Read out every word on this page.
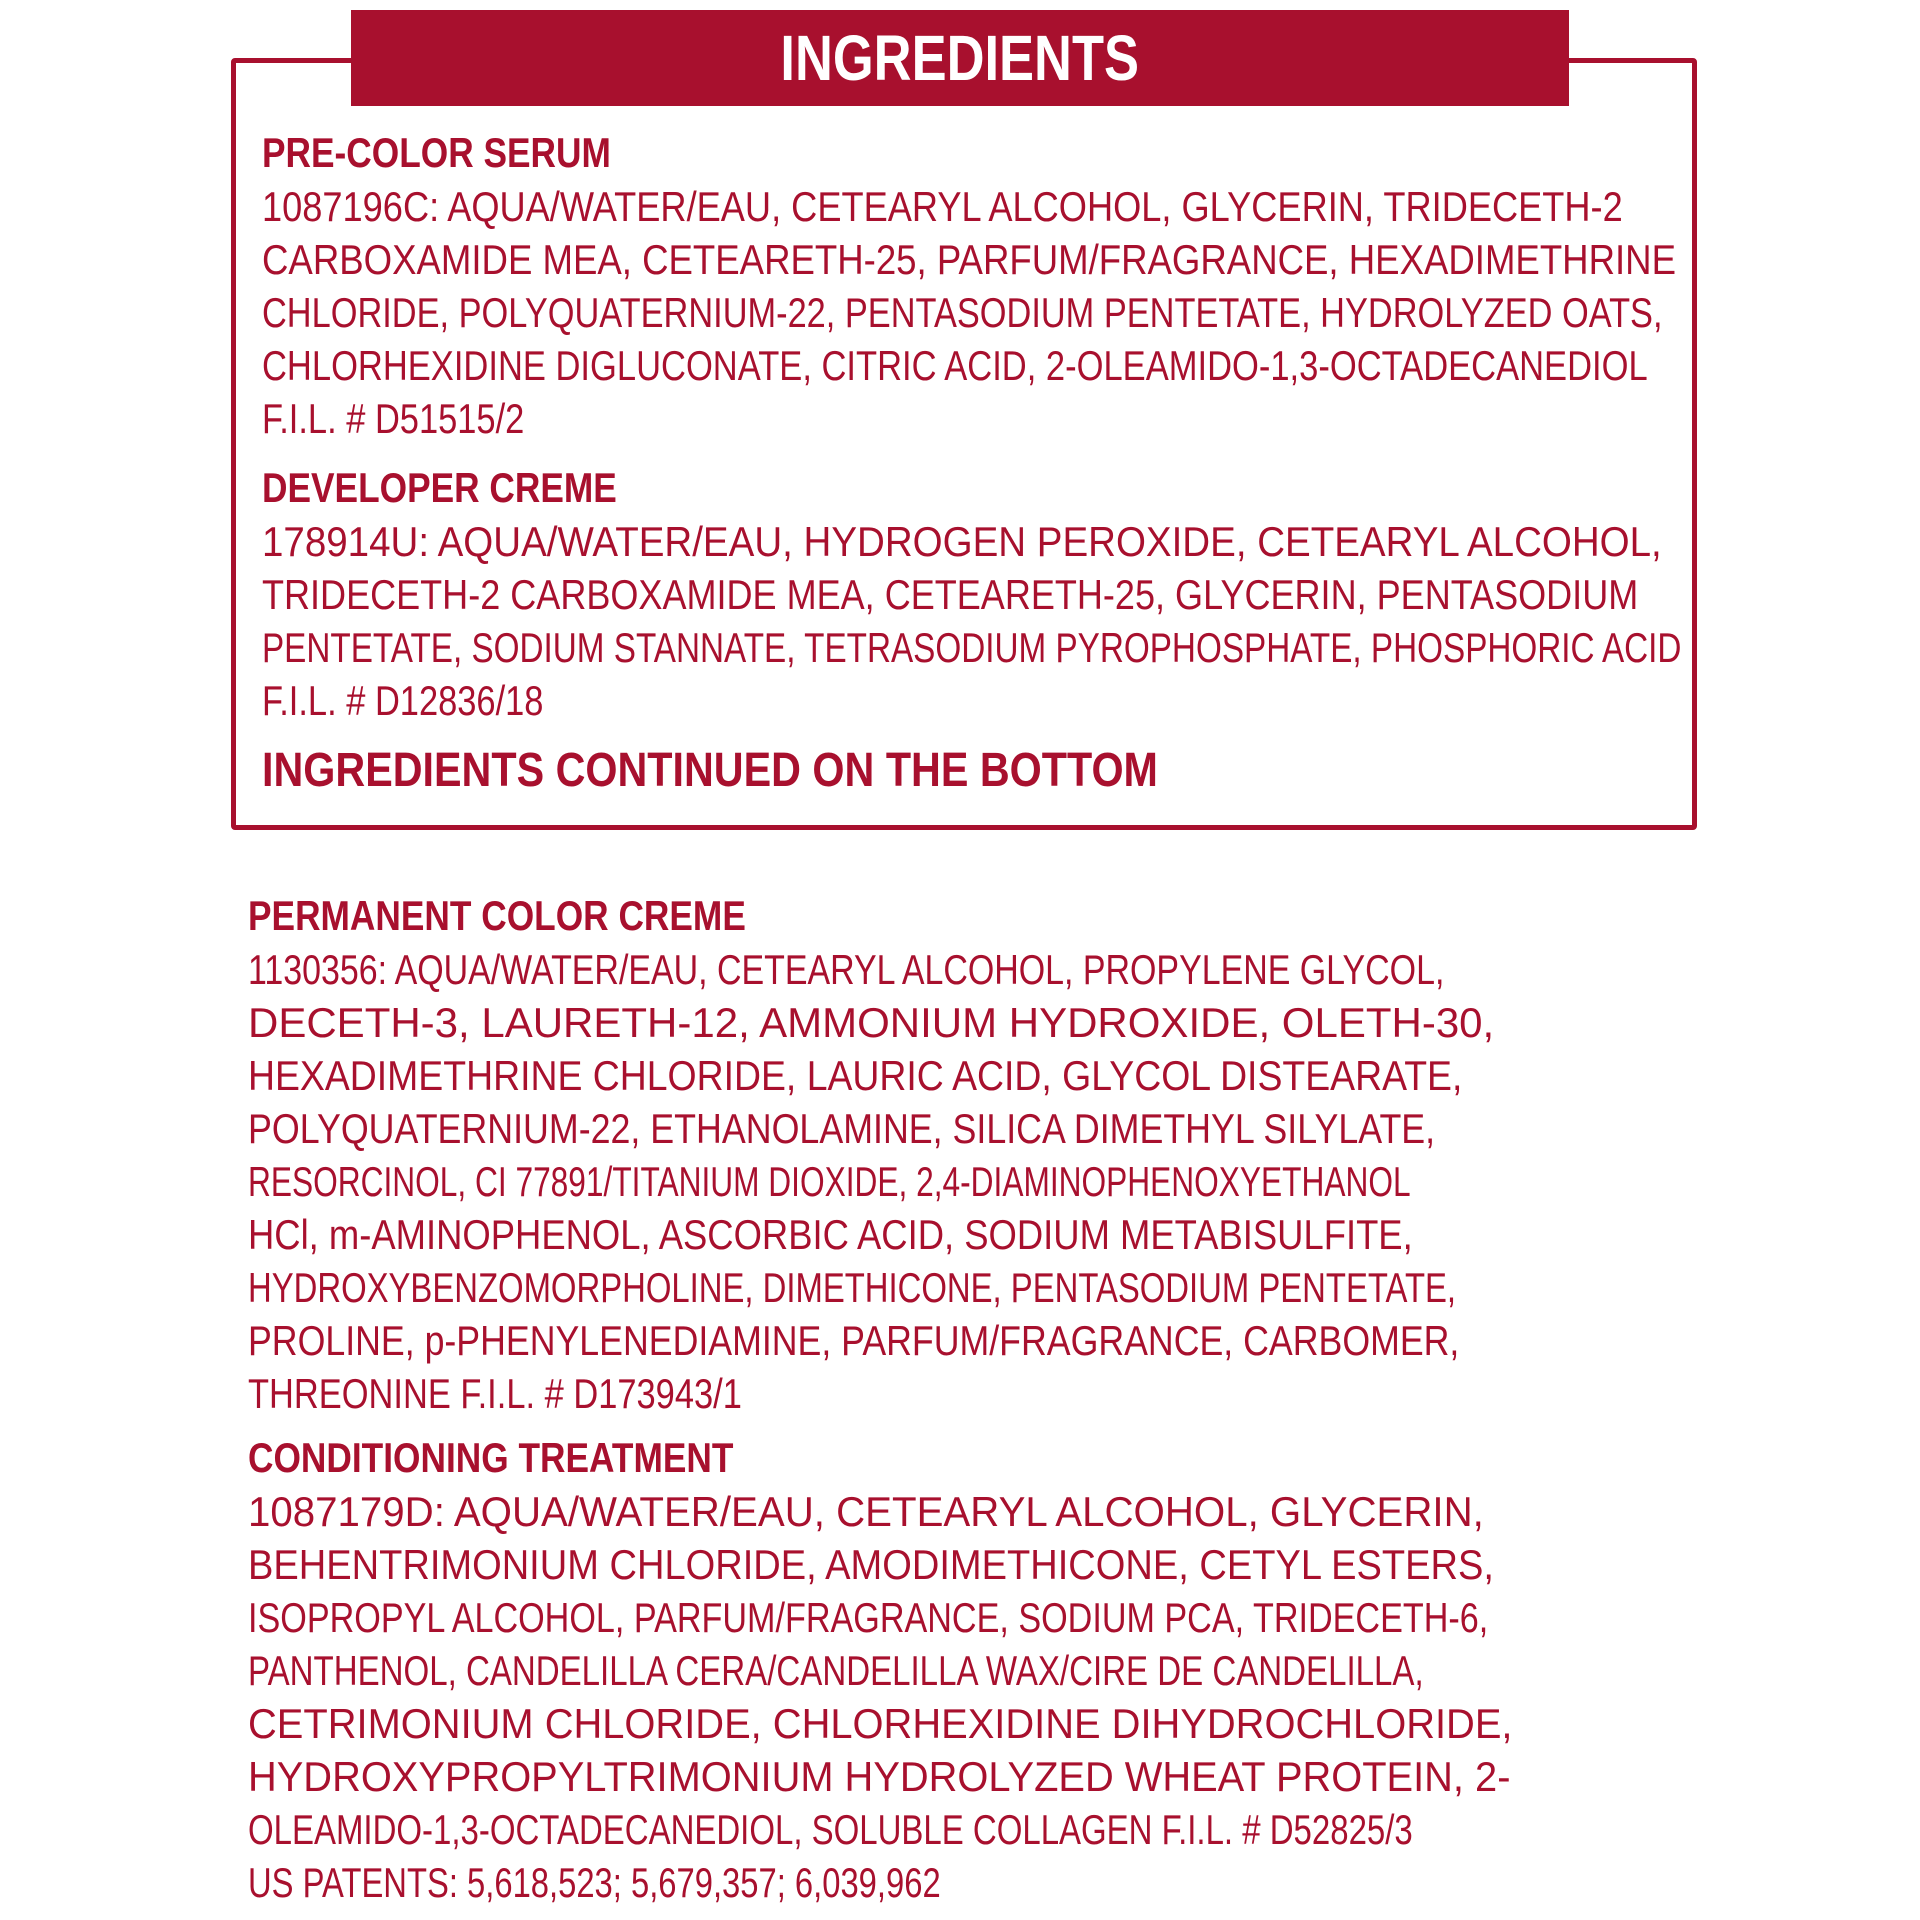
INGREDIENTS
PRE-COLOR SERUM
1087196C: AQUA/WATER/EAU, CETEARYL ALCOHOL, GLYCERIN, TRIDECETH-2
CARBOXAMIDE MEA, CETEARETH-25, PARFUM/FRAGRANCE, HEXADIMETHRINE
CHLORIDE, POLYQUATERNIUM-22, PENTASODIUM PENTETATE, HYDROLYZED OATS,
CHLORHEXIDINE DIGLUCONATE, CITRIC ACID, 2-OLEAMIDO-1,3-OCTADECANEDIOL
F.I.L. # D51515/2
DEVELOPER CREME
178914U: AQUA/WATER/EAU, HYDROGEN PEROXIDE, CETEARYL ALCOHOL,
TRIDECETH-2 CARBOXAMIDE MEA, CETEARETH-25, GLYCERIN, PENTASODIUM
PENTETATE, SODIUM STANNATE, TETRASODIUM PYROPHOSPHATE, PHOSPHORIC ACID
F.I.L. # D12836/18
INGREDIENTS CONTINUED ON THE BOTTOM
PERMANENT COLOR CREME
1130356: AQUA/WATER/EAU, CETEARYL ALCOHOL, PROPYLENE GLYCOL,
DECETH-3, LAURETH-12, AMMONIUM HYDROXIDE, OLETH-30,
HEXADIMETHRINE CHLORIDE, LAURIC ACID, GLYCOL DISTEARATE,
POLYQUATERNIUM-22, ETHANOLAMINE, SILICA DIMETHYL SILYLATE,
RESORCINOL, CI 77891/TITANIUM DIOXIDE, 2,4-DIAMINOPHENOXYETHANOL
HCl, m-AMINOPHENOL, ASCORBIC ACID, SODIUM METABISULFITE,
HYDROXYBENZOMORPHOLINE, DIMETHICONE, PENTASODIUM PENTETATE,
PROLINE, p-PHENYLENEDIAMINE, PARFUM/FRAGRANCE, CARBOMER,
THREONINE F.I.L. # D173943/1
CONDITIONING TREATMENT
1087179D: AQUA/WATER/EAU, CETEARYL ALCOHOL, GLYCERIN,
BEHENTRIMONIUM CHLORIDE, AMODIMETHICONE, CETYL ESTERS,
ISOPROPYL ALCOHOL, PARFUM/FRAGRANCE, SODIUM PCA, TRIDECETH-6,
PANTHENOL, CANDELILLA CERA/CANDELILLA WAX/CIRE DE CANDELILLA,
CETRIMONIUM CHLORIDE, CHLORHEXIDINE DIHYDROCHLORIDE,
HYDROXYPROPYLTRIMONIUM HYDROLYZED WHEAT PROTEIN, 2-
OLEAMIDO-1,3-OCTADECANEDIOL, SOLUBLE COLLAGEN F.I.L. # D52825/3
US PATENTS: 5,618,523; 5,679,357; 6,039,962
